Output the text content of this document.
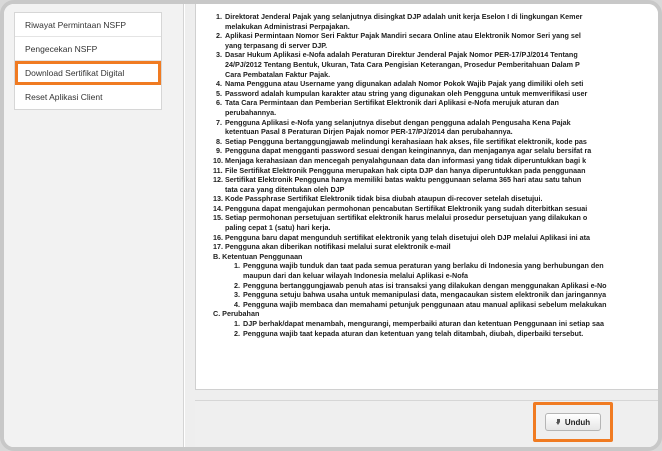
Riwayat Permintaan NSFP
Pengecekan NSFP
Download Sertifikat Digital
Reset Aplikasi Client
1. Direktorat Jenderal Pajak yang selanjutnya disingkat DJP adalah unit kerja Eselon I di lingkungan Kemer
melakukan Administrasi Perpajakan.
2. Aplikasi Permintaan Nomor Seri Faktur Pajak Mandiri secara Online atau Elektronik Nomor Seri yang sel
yang terpasang di server DJP.
3. Dasar Hukum Aplikasi e-Nofa adalah Peraturan Direktur Jenderal Pajak Nomor PER-17/PJ/2014 Tentang
24/PJ/2012 Tentang Bentuk, Ukuran, Tata Cara Pengisian Keterangan, Prosedur Pemberitahuan Dalam P
Cara Pembatalan Faktur Pajak.
4. Nama Pengguna atau Username yang digunakan adalah Nomor Pokok Wajib Pajak yang dimiliki oleh seti
5. Password adalah kumpulan karakter atau string yang digunakan oleh Pengguna untuk memverifikasi user
6. Tata Cara Permintaan dan Pemberian Sertifikat Elektronik dari Aplikasi e-Nofa merujuk aturan dan
perubahannya.
7. Pengguna Aplikasi e-Nofa yang selanjutnya disebut dengan pengguna adalah Pengusaha Kena Pajak
ketentuan Pasal 8 Peraturan Dirjen Pajak nomor PER-17/PJ/2014 dan perubahannya.
8. Setiap Pengguna bertanggungjawab melindungi kerahasiaan hak akses, file sertifikat elektronik, kode pas
9. Pengguna dapat mengganti password sesuai dengan keinginannya, dan menjaganya agar selalu bersifat ra
10. Menjaga kerahasiaan dan mencegah penyalahgunaan data dan informasi yang tidak diperuntukkan bagi k
11. File Sertifikat Elektronik Pengguna merupakan hak cipta DJP dan hanya diperuntukkan pada penggunaan
12. Sertifikat Elektronik Pengguna hanya memiliki batas waktu penggunaan selama 365 hari atau satu tahun
tata cara yang ditentukan oleh DJP
13. Kode Passphrase Sertifikat Elektronik tidak bisa diubah ataupun di-recover setelah disetujui.
14. Pengguna dapat mengajukan permohonan pencabutan Sertifikat Elektronik yang sudah diterbitkan sesuai
15. Setiap permohonan persetujuan sertifikat elektronik harus melalui prosedur persetujuan yang dilakukan o
paling cepat 1 (satu) hari kerja.
16. Pengguna baru dapat mengunduh sertifikat elektronik yang telah disetujui oleh DJP melalui Aplikasi ini ata
17. Pengguna akan diberikan notifikasi melalui surat elektronik e-mail
B. Ketentuan Penggunaan
1. Pengguna wajib tunduk dan taat pada semua peraturan yang berlaku di Indonesia yang berhubungan den
maupun dari dan keluar wilayah Indonesia melalui Aplikasi e-Nofa
2. Pengguna bertanggungjawab penuh atas isi transaksi yang dilakukan dengan menggunakan Aplikasi e-No
3. Pengguna setuju bahwa usaha untuk memanipulasi data, mengacaukan sistem elektronik dan jaringannya
4. Pengguna wajib membaca dan memahami petunjuk penggunaan atau manual aplikasi sebelum melakukan
C. Perubahan
1. DJP berhak/dapat menambah, mengurangi, memperbaiki aturan dan ketentuan Penggunaan ini setiap saa
2. Pengguna wajib taat kepada aturan dan ketentuan yang telah ditambah, diubah, diperbaiki tersebut.
Unduh
